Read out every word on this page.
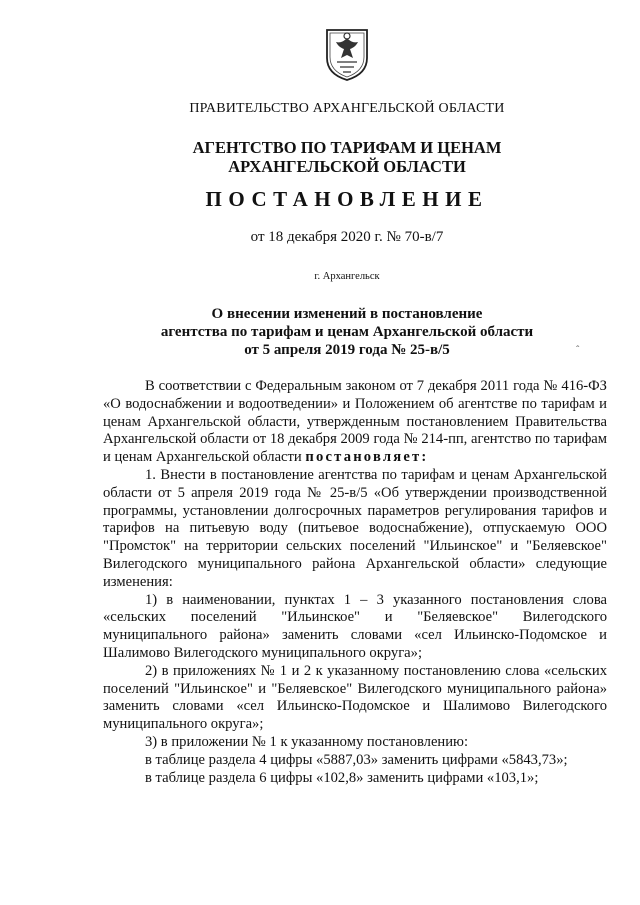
ПРАВИТЕЛЬСТВО АРХАНГЕЛЬСКОЙ ОБЛАСТИ
АГЕНТСТВО ПО ТАРИФАМ И ЦЕНАМ
АРХАНГЕЛЬСКОЙ ОБЛАСТИ
ПОСТАНОВЛЕНИЕ
от 18 декабря 2020 г. № 70-в/7
г. Архангельск
О внесении изменений в постановление
агентства по тарифам и ценам Архангельской области
от 5 апреля 2019 года № 25-в/5	ˆ

В соответствии с Федеральным законом от 7 декабря 2011 года № 416-ФЗ «О водоснабжении и водоотведении» и Положением об агентстве по тарифам и ценам Архангельской области, утвержденным постановлением Правительства Архангельской области от 18 декабря 2009 года № 214-пп, агентство по тарифам и ценам Архангельской области постановляет:

1. Внести в постановление агентства по тарифам и ценам Архангельской области от 5 апреля 2019 года № 25-в/5 «Об утверждении производственной программы, установлении долгосрочных параметров регулирования тарифов и тарифов на питьевую воду (питьевое водоснабжение), отпускаемую ООО "Промсток" на территории сельских поселений "Ильинское" и "Беляевское" Вилегодского муниципального района Архангельской области» следующие изменения:

1) в наименовании, пунктах 1 – 3 указанного постановления слова «сельских поселений "Ильинское" и "Беляевское" Вилегодского муниципального района» заменить словами «сел Ильинско-Подомское и Шалимово Вилегодского муниципального округа»;

2) в приложениях № 1 и 2 к указанному постановлению слова «сельских поселений "Ильинское" и "Беляевское" Вилегодского муниципального района» заменить словами «сел Ильинско-Подомское и Шалимово Вилегодского муниципального округа»;

3) в приложении № 1 к указанному постановлению:

в таблице раздела 4 цифры «5887,03» заменить цифрами «5843,73»;

в таблице раздела 6 цифры «102,8» заменить цифрами «103,1»;
